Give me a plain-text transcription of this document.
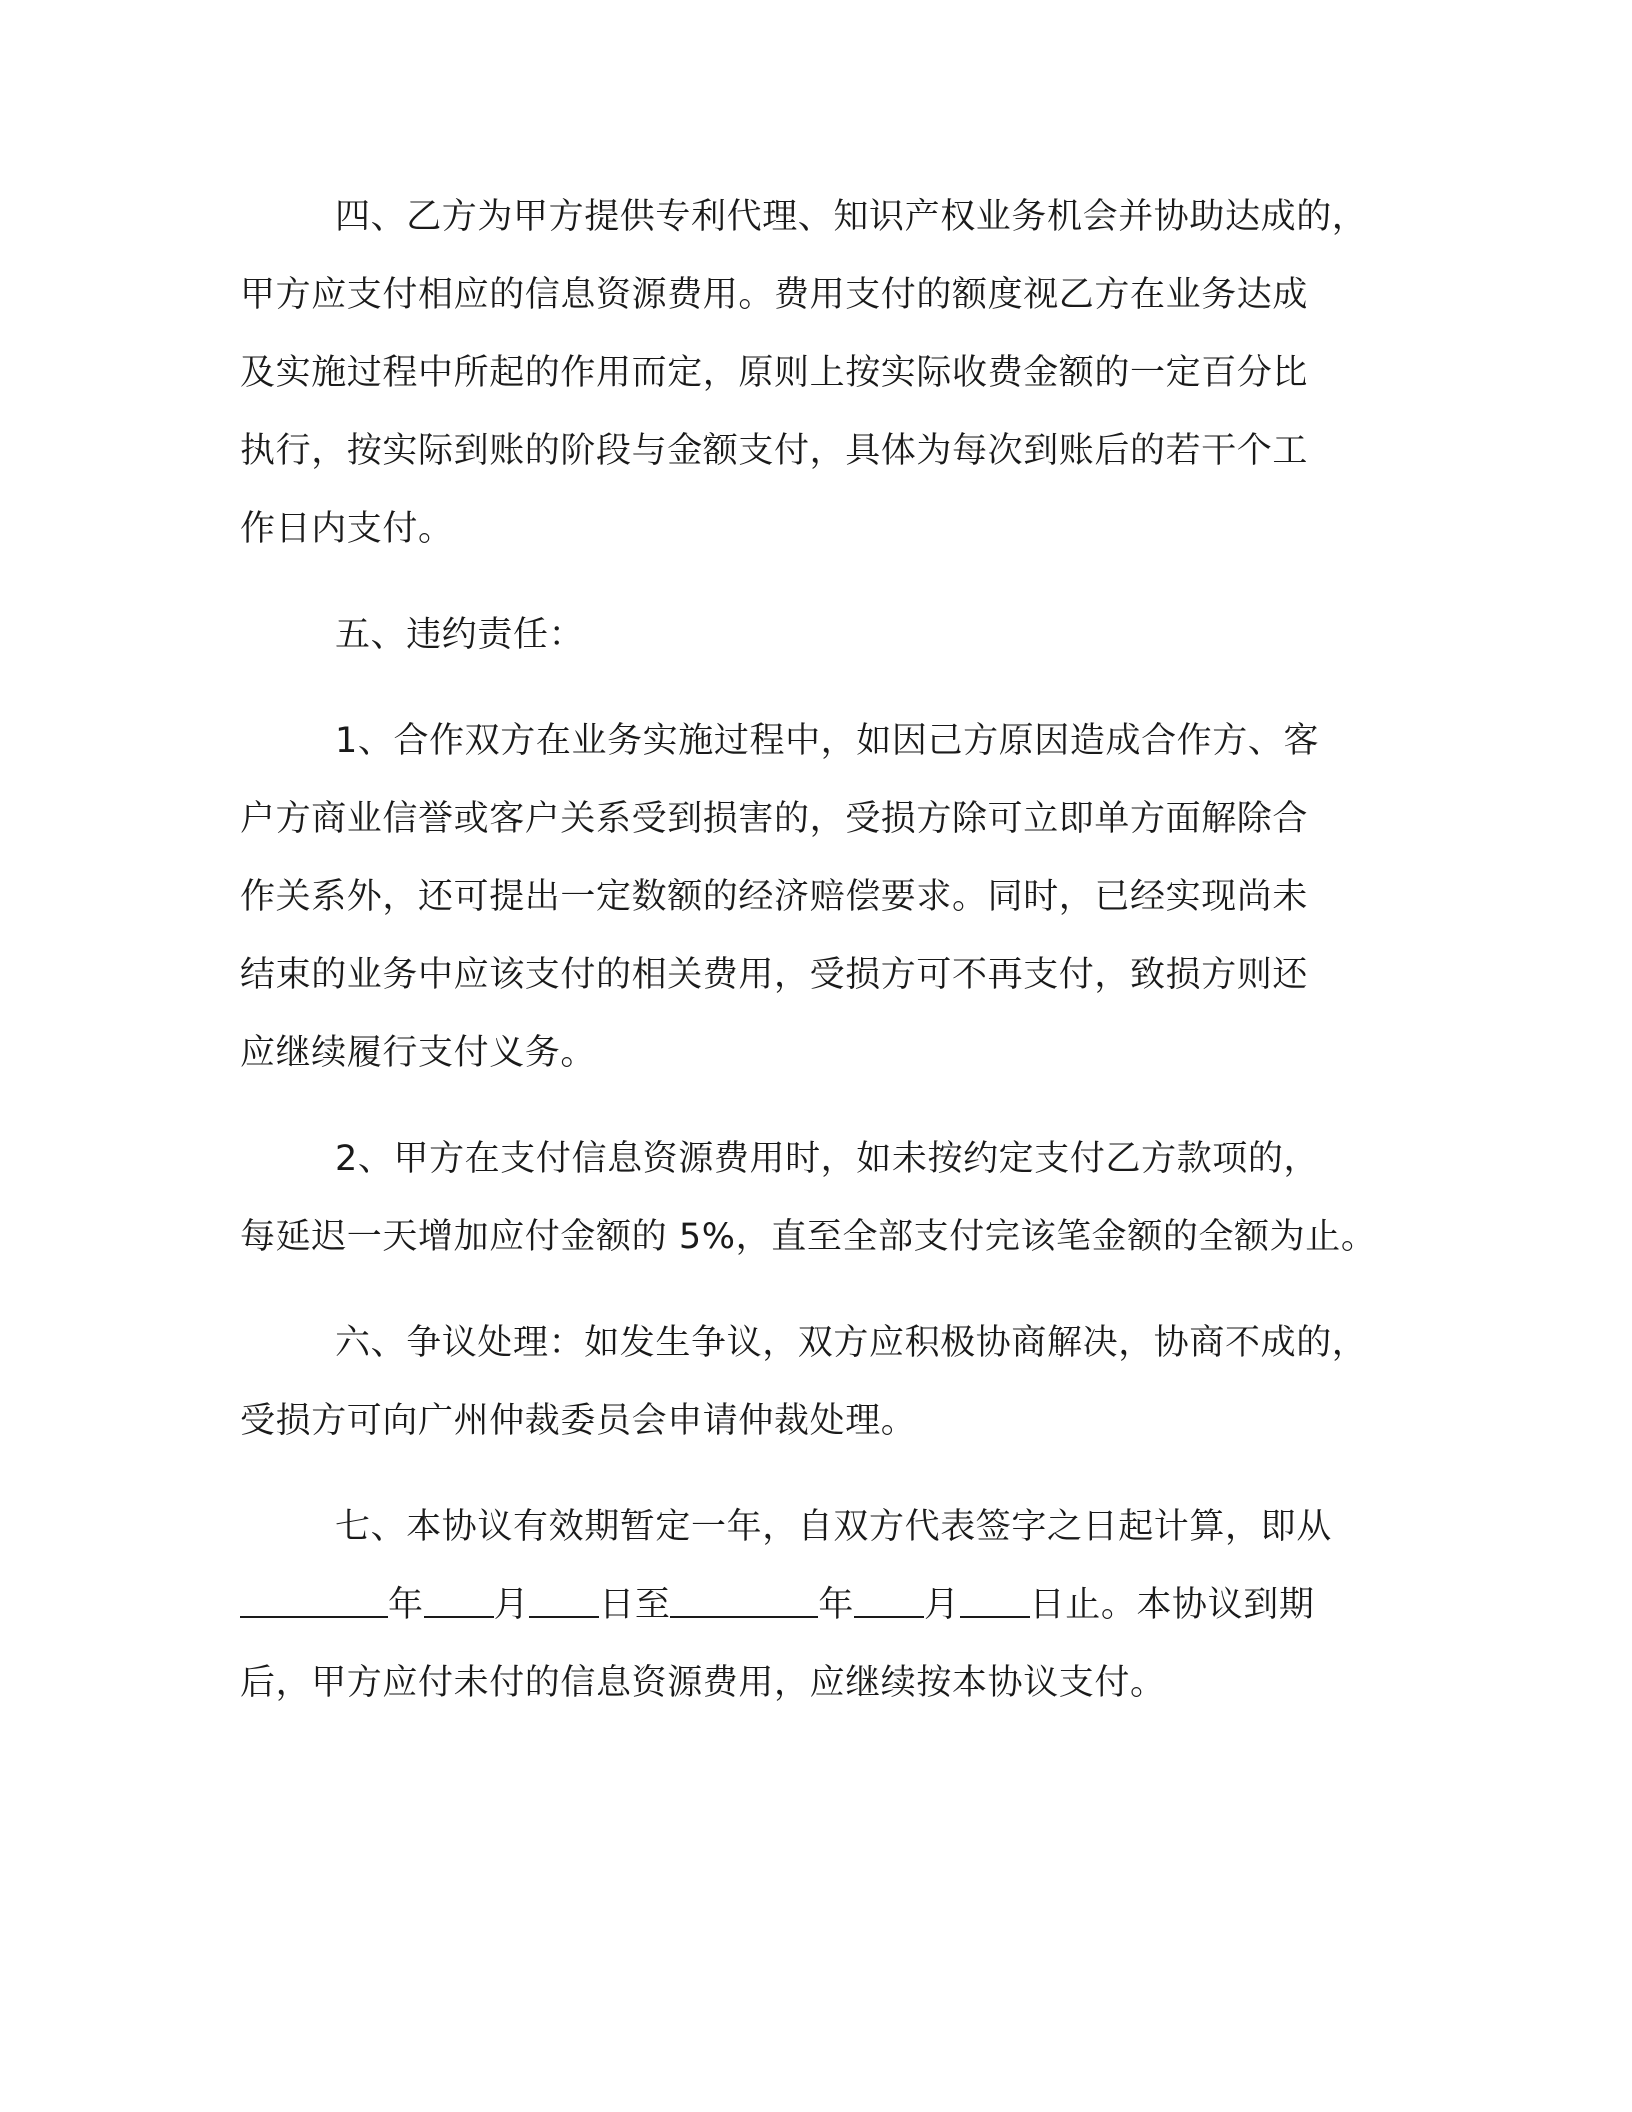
四、乙方为甲方提供专利代理、知识产权业务机会并协助达成的，
甲方应支付相应的信息资源费用。费用支付的额度视乙方在业务达成
及实施过程中所起的作用而定，原则上按实际收费金额的一定百分比
执行，按实际到账的阶段与金额支付，具体为每次到账后的若干个工
作日内支付。
五、违约责任：
1、合作双方在业务实施过程中，如因己方原因造成合作方、客
户方商业信誉或客户关系受到损害的，受损方除可立即单方面解除合
作关系外，还可提出一定数额的经济赔偿要求。同时，已经实现尚未
结束的业务中应该支付的相关费用，受损方可不再支付，致损方则还
应继续履行支付义务。
2、甲方在支付信息资源费用时，如未按约定支付乙方款项的，
每延迟一天增加应付金额的 5%，直至全部支付完该笔金额的全额为止。
六、争议处理：如发生争议，双方应积极协商解决，协商不成的，
受损方可向广州仲裁委员会申请仲裁处理。
七、本协议有效期暂定一年，自双方代表签字之日起计算，即从
年 月 日至	年 月 日止。本协议到期
后，甲方应付未付的信息资源费用，应继续按本协议支付。
